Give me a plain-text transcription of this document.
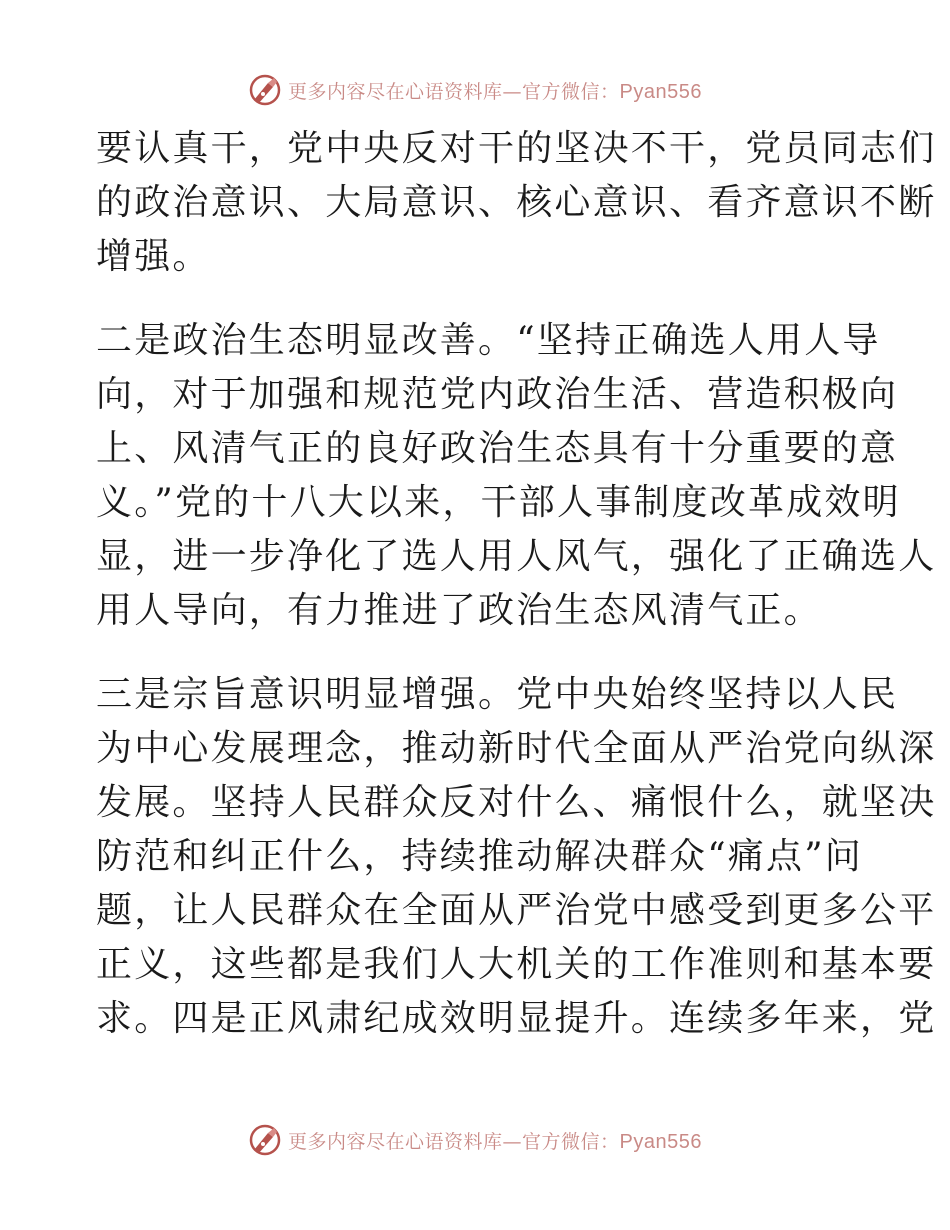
更多内容尽在心语资料库—官方微信：Pyan556
要认真干，党中央反对干的坚决不干，党员同志们
的政治意识、大局意识、核心意识、看齐意识不断
增强。
二是政治生态明显改善。“坚持正确选人用人导
向，对于加强和规范党内政治生活、营造积极向
上、风清气正的良好政治生态具有十分重要的意
义。”党的十八大以来，干部人事制度改革成效明
显，进一步净化了选人用人风气，强化了正确选人
用人导向，有力推进了政治生态风清气正。
三是宗旨意识明显增强。党中央始终坚持以人民
为中心发展理念，推动新时代全面从严治党向纵深
发展。坚持人民群众反对什么、痛恨什么，就坚决
防范和纠正什么，持续推动解决群众“痛点”问
题，让人民群众在全面从严治党中感受到更多公平
正义，这些都是我们人大机关的工作准则和基本要
求。四是正风肃纪成效明显提升。连续多年来，党
更多内容尽在心语资料库—官方微信：Pyan556
